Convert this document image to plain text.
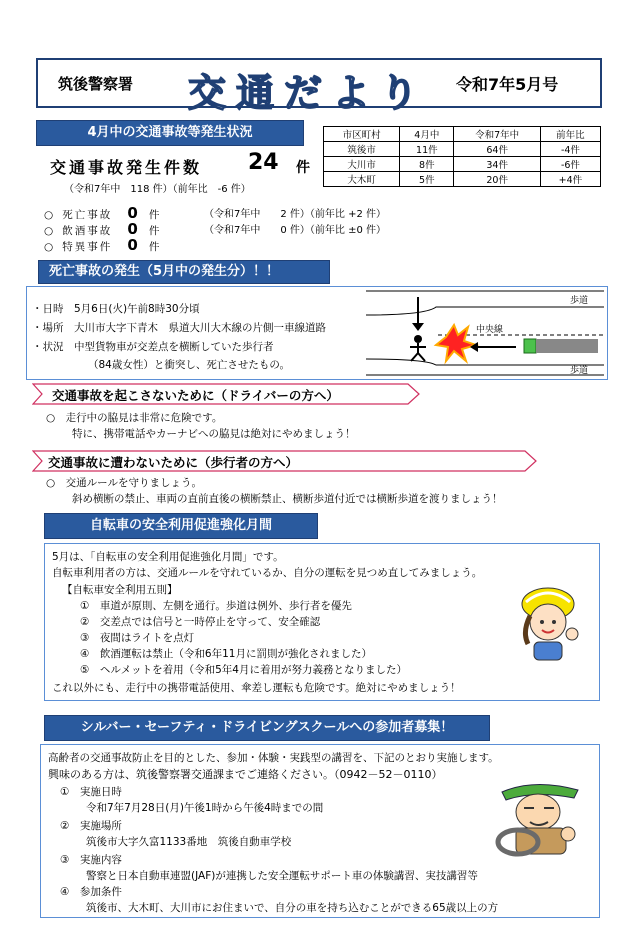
筑後警察署 交通だより 令和7年5月号
4月中の交通事故等発生状況	市区町村	4月中	令和7年中	前年比
筑後市	11件	64件	-4件
大川市	8件	34件	-6件
大木町	5件	20件	+4件
交通事故発生件数 24 件
（令和7年中　118 件）（前年比　-6 件）
○ 死亡事故 0 件	（令和7年中　　2 件）（前年比 +2 件）
○ 飲酒事故 0 件	（令和7年中　　0 件）（前年比 ±0 件）
○ 特異事件 0 件
死亡事故の発生（5月中の発生分）！！
・日時　5月6日(火)午前8時30分頃
・場所　大川市大字下青木　県道大川大木線の片側一車線道路
・状況　中型貨物車が交差点を横断していた歩行者
（84歳女性）と衝突し、死亡させたもの。
歩道
中央線
歩道
交通事故を起こさないために（ドライバーの方へ）
○　走行中の脇見は非常に危険です。
特に、携帯電話やカーナビへの脇見は絶対にやめましょう！
交通事故に遭わないために（歩行者の方へ）
○　交通ルールを守りましょう。
斜め横断の禁止、車両の直前直後の横断禁止、横断歩道付近では横断歩道を渡りましょう！
自転車の安全利用促進強化月間
5月は、「自転車の安全利用促進強化月間」です。
自転車利用者の方は、交通ルールを守れているか、自分の運転を見つめ直してみましょう。
【自転車安全利用五則】
①　車道が原則、左側を通行。歩道は例外、歩行者を優先
②　交差点では信号と一時停止を守って、安全確認
③　夜間はライトを点灯
④　飲酒運転は禁止（令和6年11月に罰則が強化されました）
⑤　ヘルメットを着用（令和5年4月に着用が努力義務となりました）
これ以外にも、走行中の携帯電話使用、傘差し運転も危険です。絶対にやめましょう！
シルバー・セーフティ・ドライビングスクールへの参加者募集！
高齢者の交通事故防止を目的とした、参加・体験・実践型の講習を、下記のとおり実施します。
興味のある方は、筑後警察署交通課までご連絡ください。（0942－52－0110）
①　実施日時
令和7年7月28日(月)午後1時から午後4時までの間
②　実施場所
筑後市大字久富1133番地　筑後自動車学校
③　実施内容
警察と日本自動車連盟(JAF)が連携した安全運転サポート車の体験講習、実技講習等
④　参加条件
筑後市、大木町、大川市にお住まいで、自分の車を持ち込むことができる65歳以上の方
